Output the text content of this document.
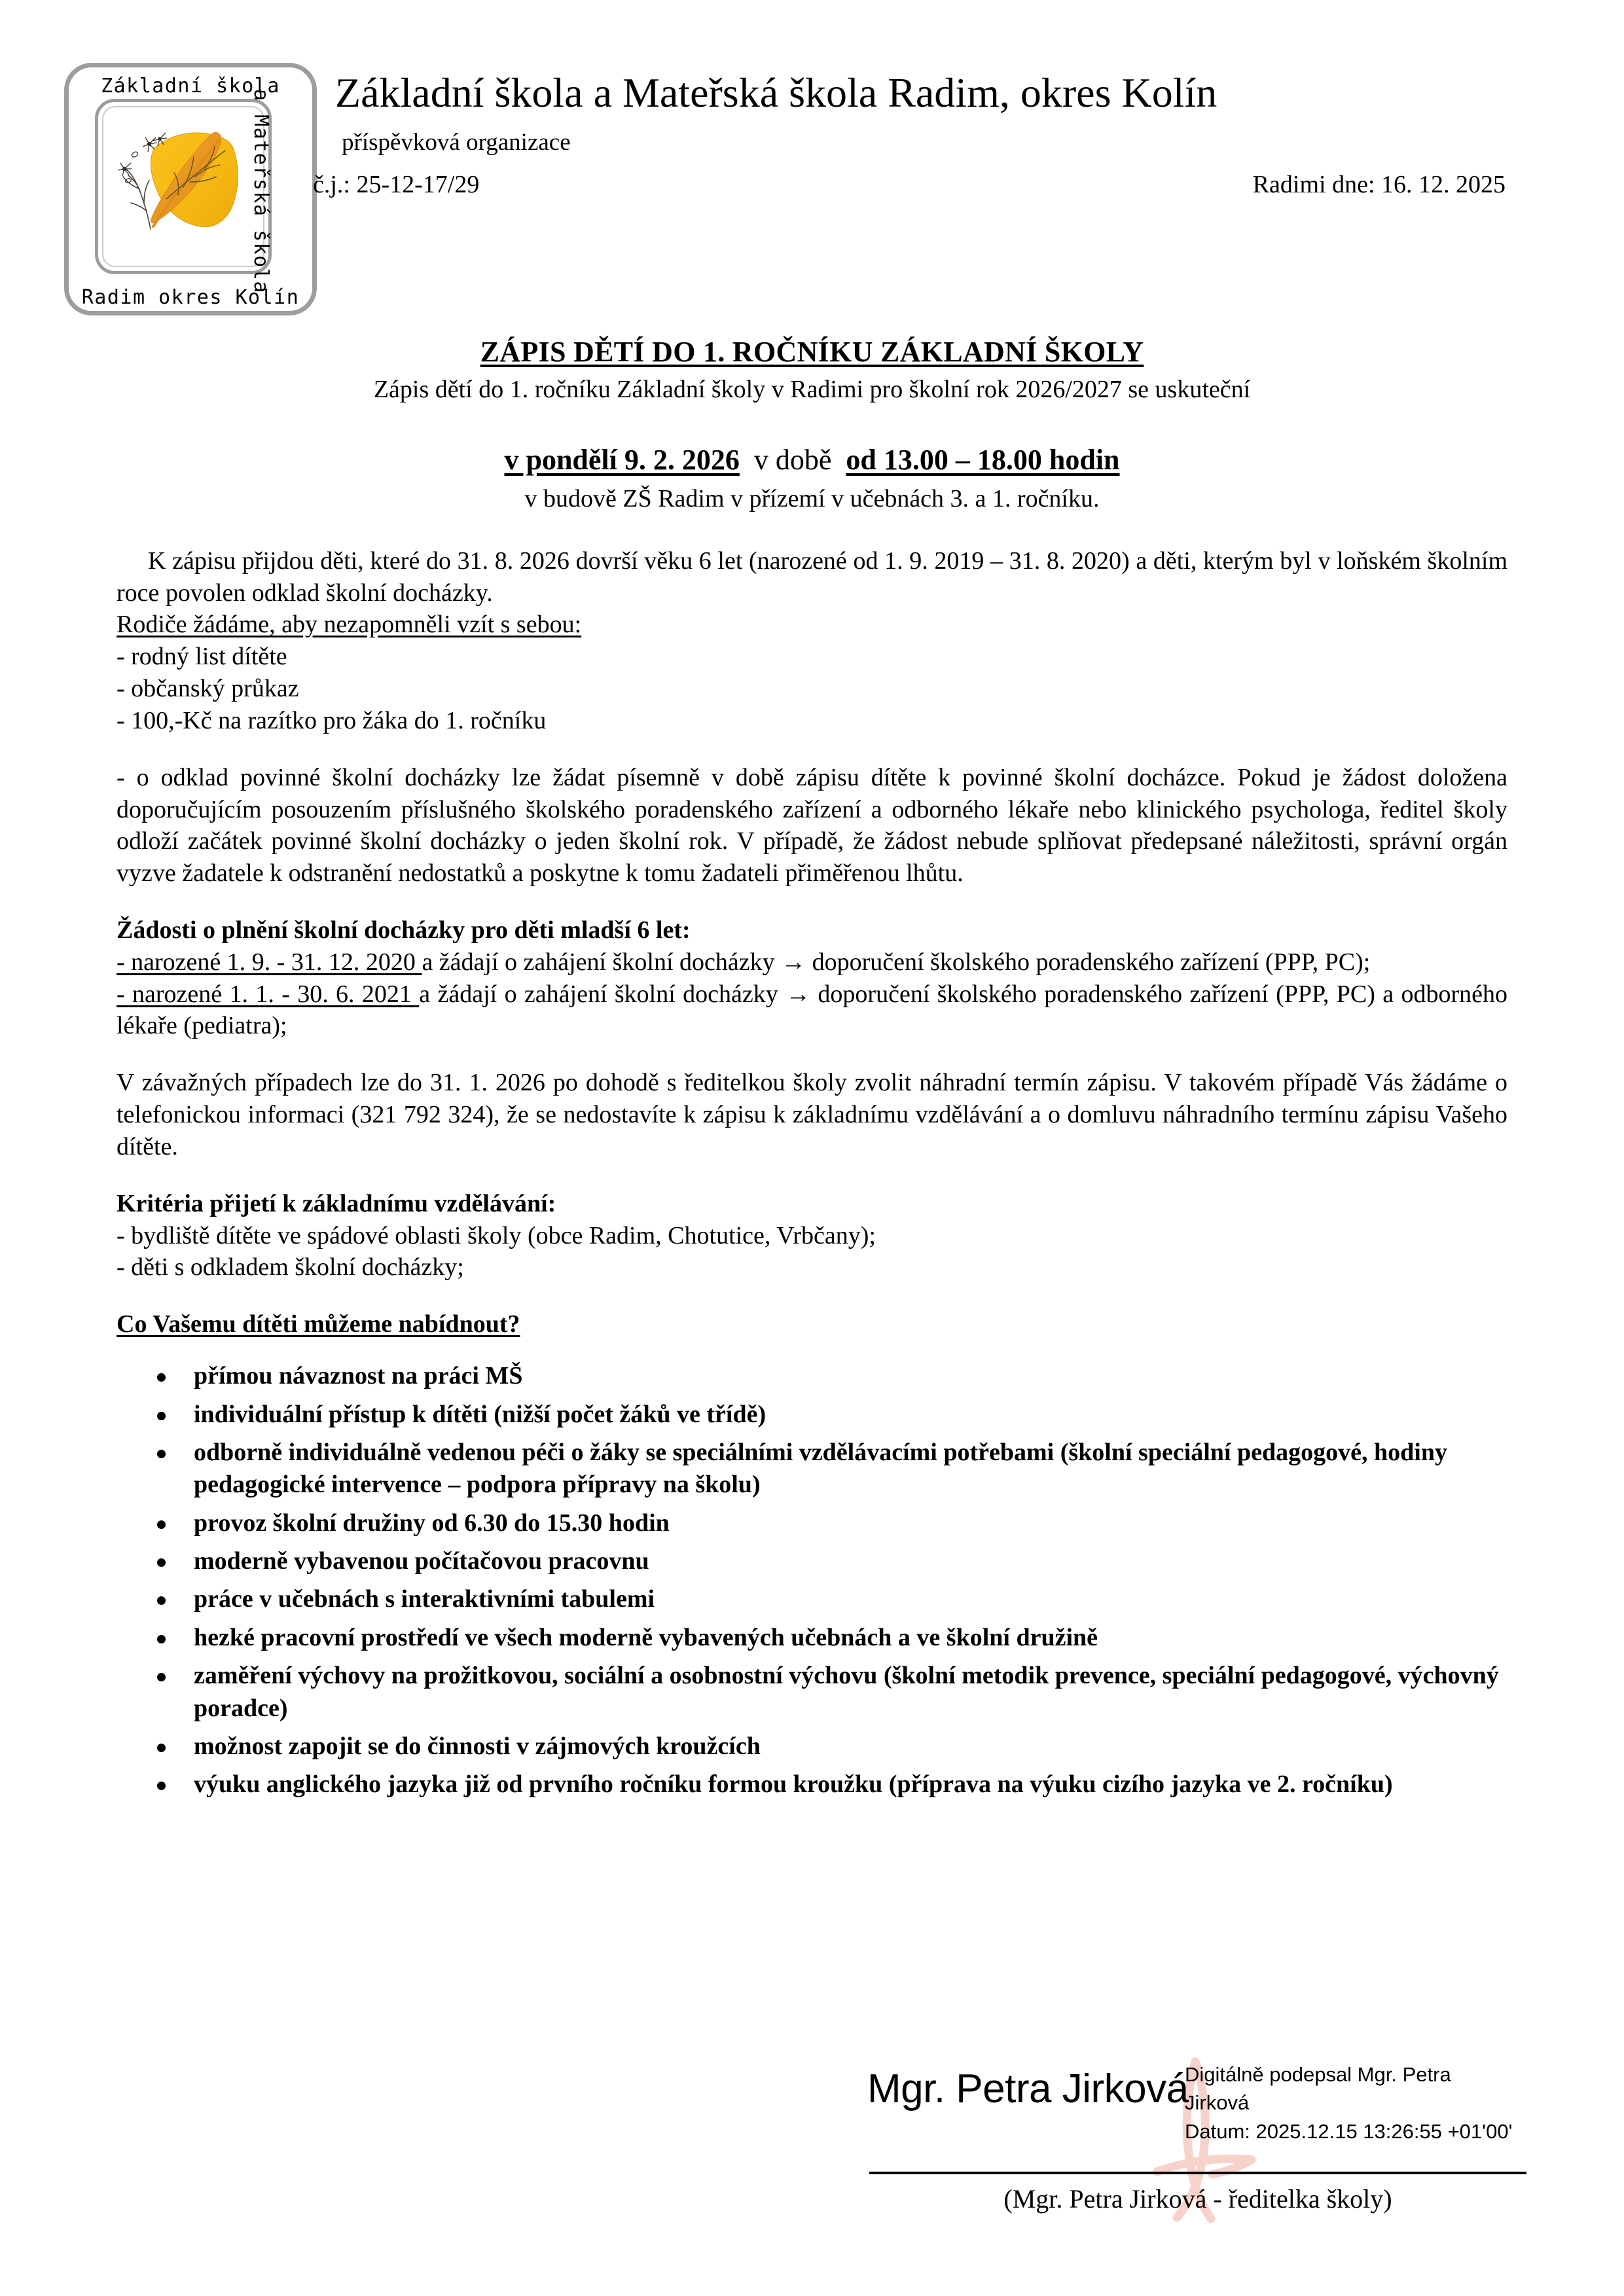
Základní škola
a Mateřská škola
Radim okres Kolín
Základní škola a Mateřská škola Radim, okres Kolín
příspěvková organizace
č.j.: 25-12-17/29	Radimi dne: 16. 12. 2025
ZÁPIS DĚTÍ DO 1. ROČNÍKU ZÁKLADNÍ ŠKOLY
Zápis dětí do 1. ročníku Základní školy v Radimi pro školní rok 2026/2027 se uskuteční
v pondělí 9. 2. 2026 v době od 13.00 – 18.00 hodin
v budově ZŠ Radim v přízemí v učebnách 3. a 1. ročníku.

K zápisu přijdou děti, které do 31. 8. 2026 dovrší věku 6 let (narozené od 1. 9. 2019 – 31. 8. 2020) a děti, kterým byl v loňském školním roce povolen odklad školní docházky.

Rodiče žádáme, aby nezapomněli vzít s sebou:

- rodný list dítěte

- občanský průkaz

- 100,-Kč na razítko pro žáka do 1. ročníku

- o odklad povinné školní docházky lze žádat písemně v době zápisu dítěte k povinné školní docházce. Pokud je žádost doložena doporučujícím posouzením příslušného školského poradenského zařízení a odborného lékaře nebo klinického psychologa, ředitel školy odloží začátek povinné školní docházky o jeden školní rok. V případě, že žádost nebude splňovat předepsané náležitosti, správní orgán vyzve žadatele k odstranění nedostatků a poskytne k tomu žadateli přiměřenou lhůtu.

Žádosti o plnění školní docházky pro děti mladší 6 let:

- narozené 1. 9. - 31. 12. 2020 a žádají o zahájení školní docházky → doporučení školského poradenského zařízení (PPP, PC);

- narozené 1. 1. - 30. 6. 2021 a žádají o zahájení školní docházky → doporučení školského poradenského zařízení (PPP, PC) a odborného lékaře (pediatra);

V závažných případech lze do 31. 1. 2026 po dohodě s ředitelkou školy zvolit náhradní termín zápisu. V takovém případě Vás žádáme o telefonickou informaci (321 792 324), že se nedostavíte k zápisu k základnímu vzdělávání a o domluvu náhradního termínu zápisu Vašeho dítěte.

Kritéria přijetí k základnímu vzdělávání:

- bydliště dítěte ve spádové oblasti školy (obce Radim, Chotutice, Vrbčany);

- děti s odkladem školní docházky;

Co Vašemu dítěti můžeme nabídnout?

přímou návaznost na práci MŠ
individuální přístup k dítěti (nižší počet žáků ve třídě)
odborně individuálně vedenou péči o žáky se speciálními vzdělávacími potřebami (školní speciální pedagogové, hodiny pedagogické intervence – podpora přípravy na školu)
provoz školní družiny od 6.30 do 15.30 hodin
moderně vybavenou počítačovou pracovnu
práce v učebnách s interaktivními tabulemi
hezké pracovní prostředí ve všech moderně vybavených učebnách a ve školní družině
zaměření výchovy na prožitkovou, sociální a osobnostní výchovu (školní metodik prevence, speciální pedagogové, výchovný poradce)
možnost zapojit se do činnosti v zájmových kroužcích
výuku anglického jazyka již od prvního ročníku formou kroužku (příprava na výuku cizího jazyka ve 2. ročníku)
Mgr. Petra Jirková
Digitálně podepsal Mgr. Petra
Jirková
Datum: 2025.12.15 13:26:55 +01'00'
(Mgr. Petra Jirková - ředitelka školy)
